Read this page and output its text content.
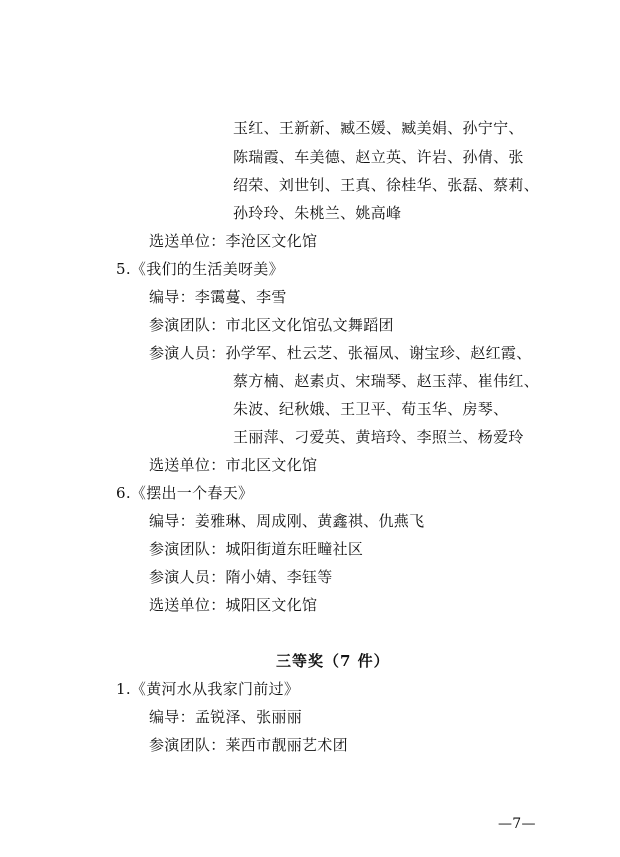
玉红、王新新、臧丕媛、臧美娟、孙宁宁、
陈瑞霞、车美德、赵立英、许岩、孙倩、张
绍荣、刘世钊、王真、徐桂华、张磊、蔡莉、
孙玲玲、朱桃兰、姚高峰
选送单位：李沧区文化馆
5.《我们的生活美呀美》
编导：李霭蔓、李雪
参演团队：市北区文化馆弘文舞蹈团
参演人员：孙学军、杜云芝、张福凤、谢宝珍、赵红霞、
蔡方楠、赵素贞、宋瑞琴、赵玉萍、崔伟红、
朱波、纪秋娥、王卫平、荀玉华、房琴、
王丽萍、刁爱英、黄培玲、李照兰、杨爱玲
选送单位：市北区文化馆
6.《摆出一个春天》
编导：姜雅琳、周成刚、黄鑫祺、仇燕飞
参演团队：城阳街道东旺疃社区
参演人员：隋小婧、李钰等
选送单位：城阳区文化馆
三等奖（7 件）
1.《黄河水从我家门前过》
编导：孟锐泽、张丽丽
参演团队：莱西市靓丽艺术团
—7—
